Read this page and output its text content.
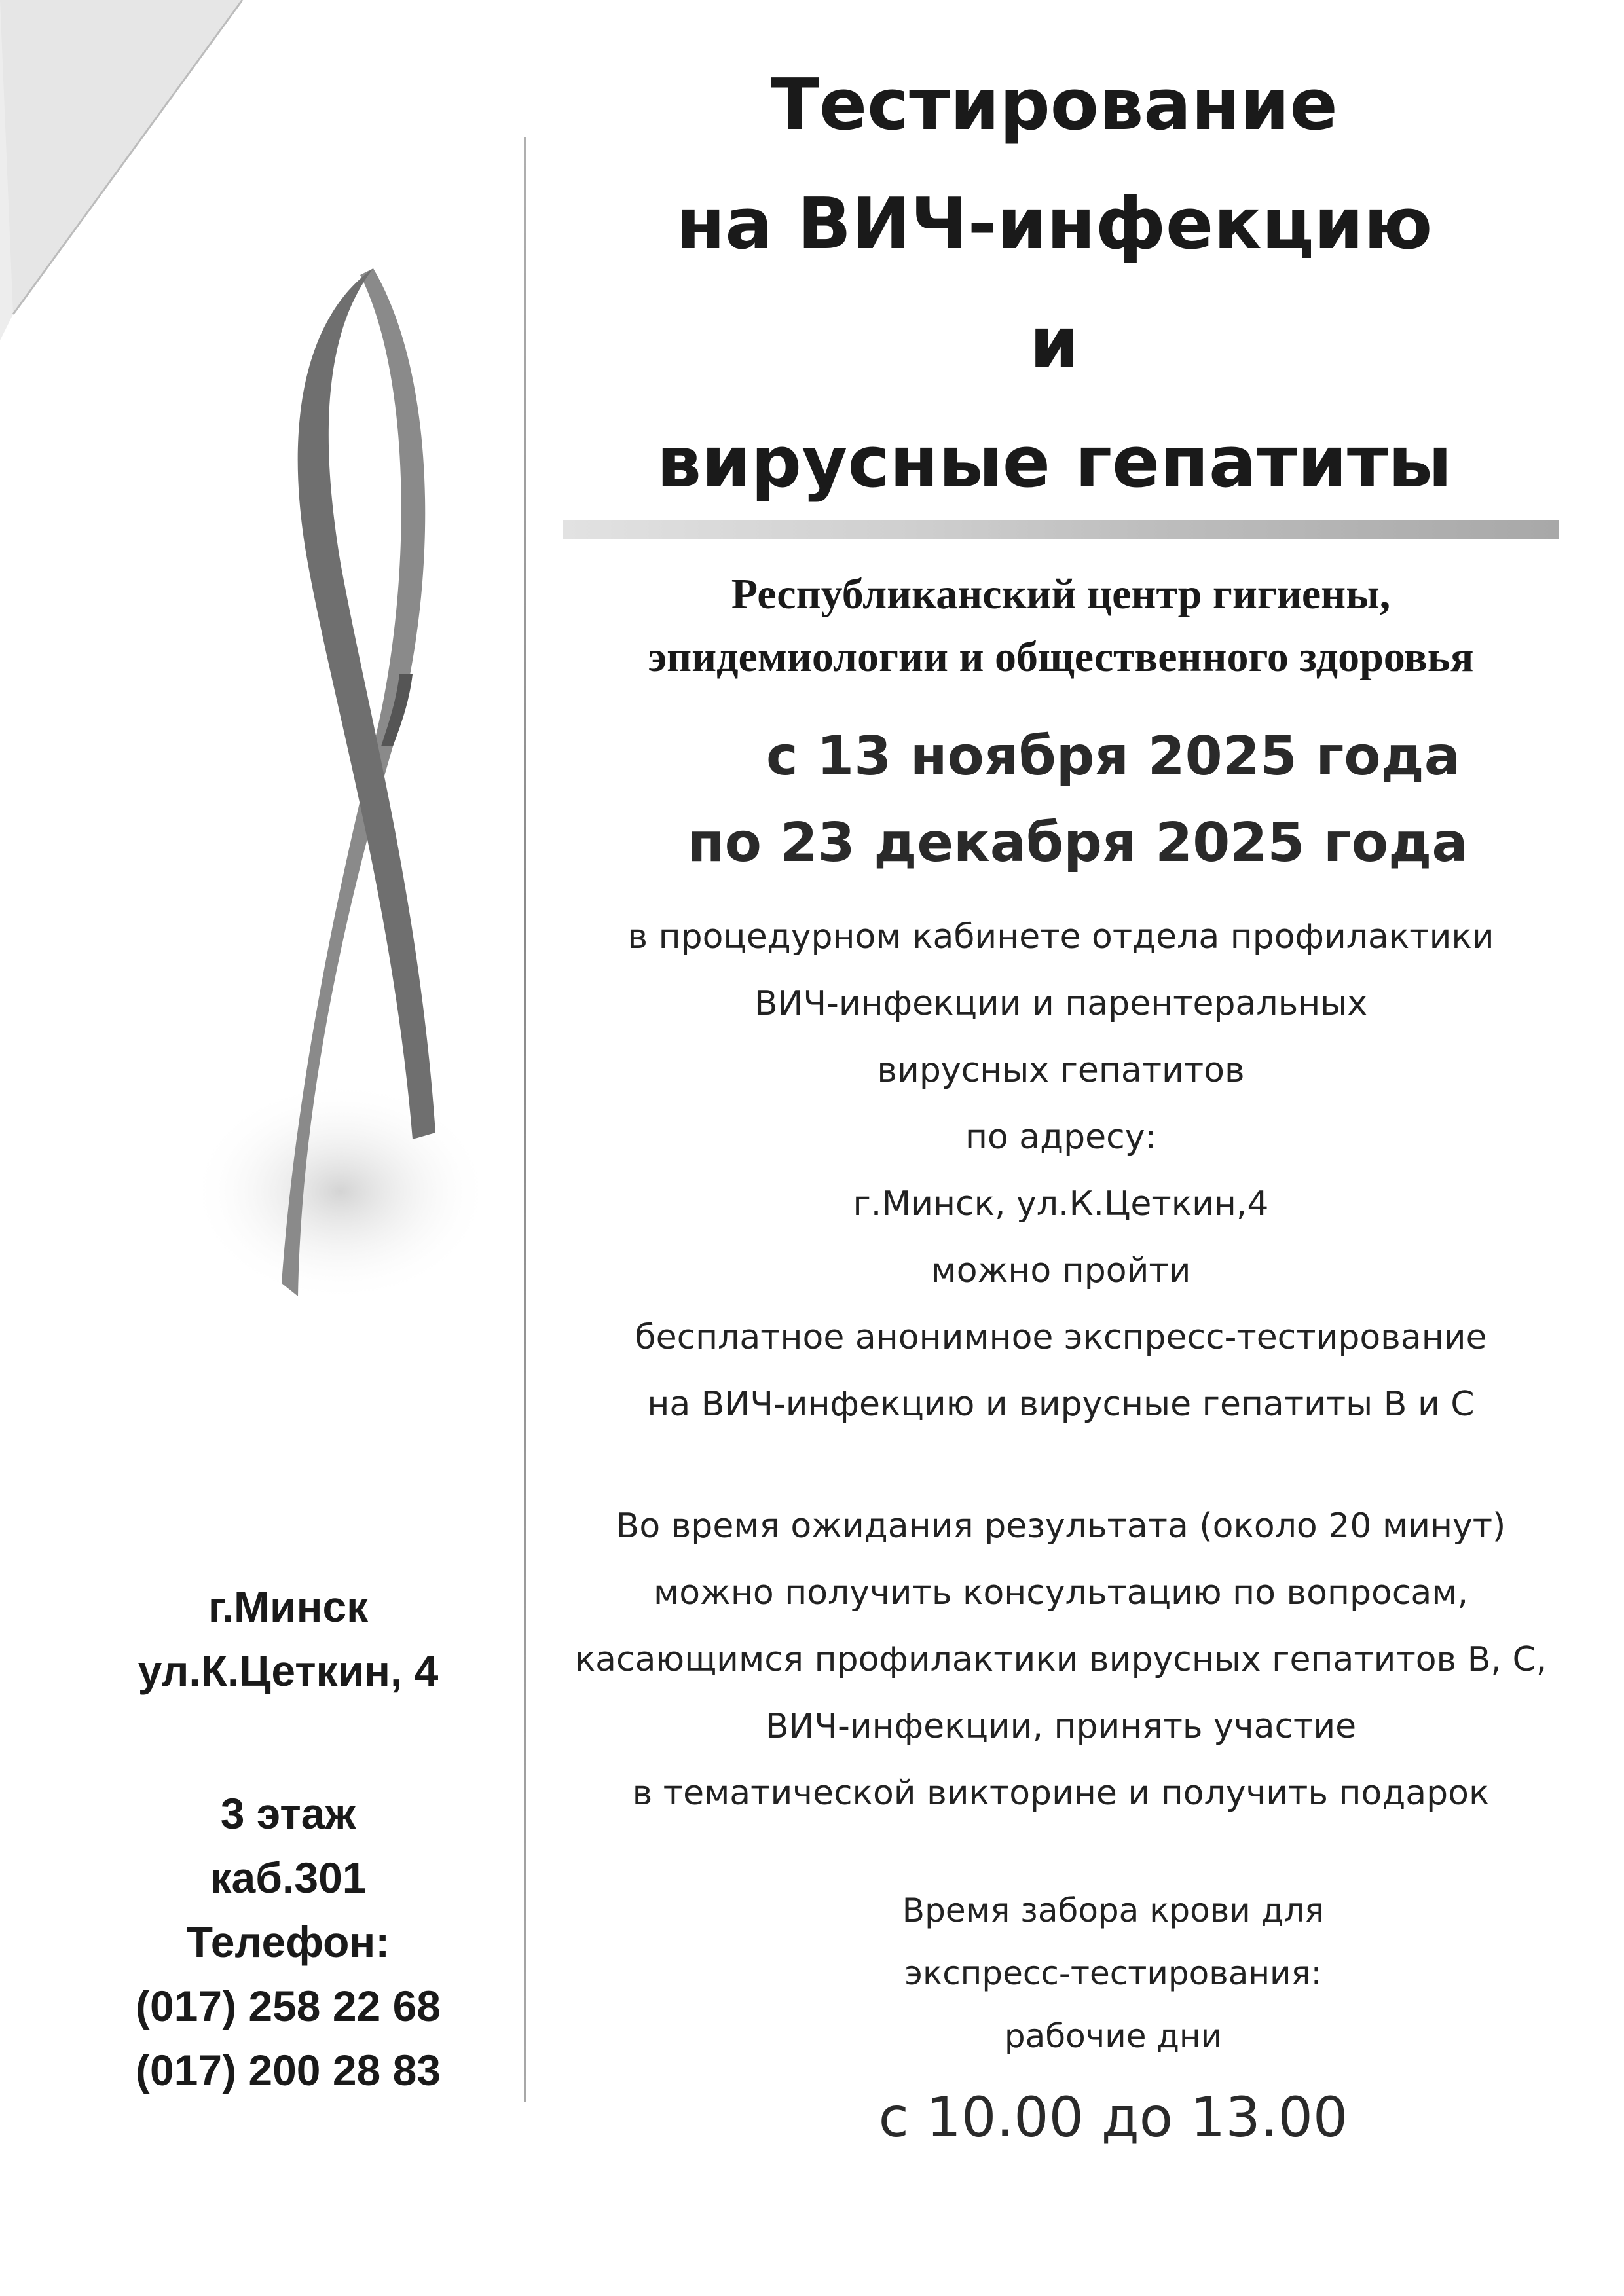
Тестирование
на ВИЧ-инфекцию
и
вирусные гепатиты
Республиканский центр гигиены,
эпидемиологии и общественного здоровья
с 13 ноября 2025 года
по 23 декабря 2025 года
в процедурном кабинете отдела профилактики
ВИЧ-инфекции и парентеральных
вирусных гепатитов
по адресу:
г.Минск, ул.К.Цеткин,4
можно пройти
бесплатное анонимное экспресс-тестирование
на ВИЧ-инфекцию и вирусные гепатиты В и С
Во время ожидания результата (около 20 минут)
можно получить консультацию по вопросам,
касающимся профилактики вирусных гепатитов В, С,
ВИЧ-инфекции, принять участие
в тематической викторине и получить подарок
Время забора крови для
экспресс-тестирования:
рабочие дни
с 10.00 до 13.00
г.Минск
ул.К.Цеткин, 4
3 этаж
каб.301
Телефон:
(017) 258 22 68
(017) 200 28 83
